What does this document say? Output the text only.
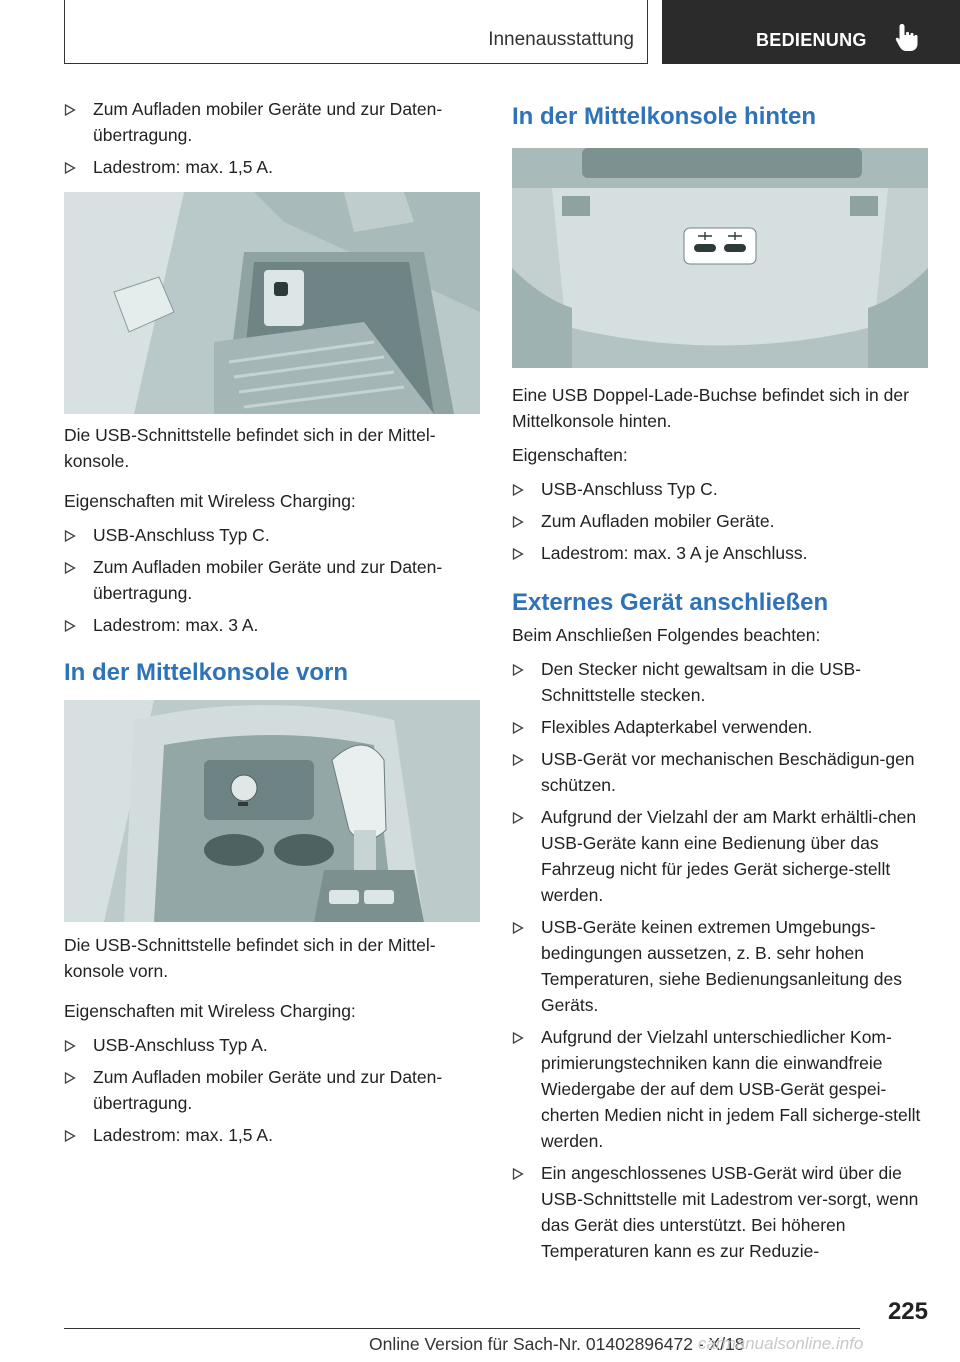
Innenausstattung	BEDIENUNG
Zum Aufladen mobiler Geräte und zur Daten‐übertragung.
Ladestrom: max. 1,5 A.

Die USB-Schnittstelle befindet sich in der Mittel‐konsole.

Eigenschaften mit Wireless Charging:

USB-Anschluss Typ C.
Zum Aufladen mobiler Geräte und zur Daten‐übertragung.
Ladestrom: max. 3 A.
In der Mittelkonsole vorn

Die USB-Schnittstelle befindet sich in der Mittel‐konsole vorn.

Eigenschaften mit Wireless Charging:

USB-Anschluss Typ A.
Zum Aufladen mobiler Geräte und zur Daten‐übertragung.
Ladestrom: max. 1,5 A.
In der Mittelkonsole hinten

Eine USB Doppel-Lade-Buchse befindet sich in der Mittelkonsole hinten.

Eigenschaften:

USB-Anschluss Typ C.
Zum Aufladen mobiler Geräte.
Ladestrom: max. 3 A je Anschluss.
Externes Gerät anschließen

Beim Anschließen Folgendes beachten:

Den Stecker nicht gewaltsam in die USB-Schnittstelle stecken.
Flexibles Adapterkabel verwenden.
USB-Gerät vor mechanischen Beschädigun‐gen schützen.
Aufgrund der Vielzahl der am Markt erhältli‐chen USB-Geräte kann eine Bedienung über das Fahrzeug nicht für jedes Gerät sicherge‐stellt werden.
USB-Geräte keinen extremen Umgebungs‐bedingungen aussetzen, z. B. sehr hohen Temperaturen, siehe Bedienungsanleitung des Geräts.
Aufgrund der Vielzahl unterschiedlicher Kom‐primierungstechniken kann die einwandfreie Wiedergabe der auf dem USB-Gerät gespei‐cherten Medien nicht in jedem Fall sicherge‐stellt werden.
Ein angeschlossenes USB-Gerät wird über die USB-Schnittstelle mit Ladestrom ver‐sorgt, wenn das Gerät dies unterstützt. Bei höheren Temperaturen kann es zur Reduzie‐
225
Online Version für Sach-Nr. 01402896472 - X/18
carmanualsonline.info
